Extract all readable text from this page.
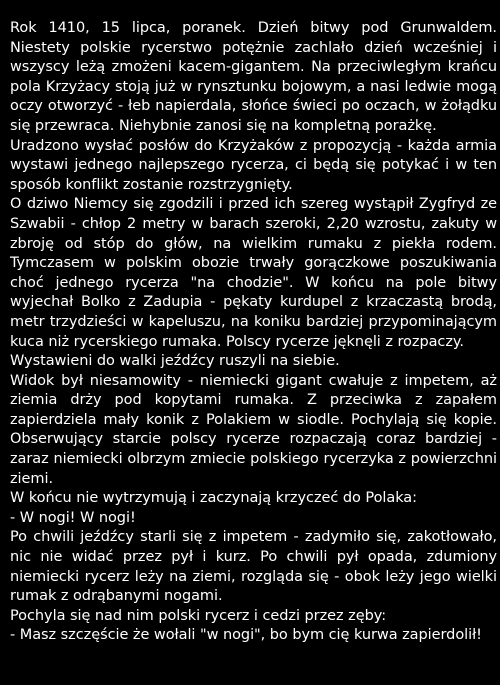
Rok 1410, 15 lipca, poranek. Dzień bitwy pod Grunwaldem. Niestety polskie rycerstwo potężnie zachlało dzień wcześniej i wszyscy leżą zmożeni kacem-gigantem. Na przeciwległym krańcu pola Krzyżacy stoją już w rynsztunku bojowym, a nasi ledwie mogą oczy otworzyć - łeb napierdala, słońce świeci po oczach, w żołądku się przewraca. Niehybnie zanosi się na kompletną porażkę.

Uradzono wysłać posłów do Krzyżaków z propozycją - każda armia wystawi jednego najlepszego rycerza, ci będą się potykać i w ten sposób konflikt zostanie rozstrzygnięty.

O dziwo Niemcy się zgodzili i przed ich szereg wystąpił Zygfryd ze Szwabii - chłop 2 metry w barach szeroki, 2,20 wzrostu, zakuty w zbroję od stóp do głów, na wielkim rumaku z piekła rodem. Tymczasem w polskim obozie trwały gorączkowe poszukiwania choć jednego rycerza "na chodzie". W końcu na pole bitwy wyjechał Bolko z Zadupia - pękaty kurdupel z krzaczastą brodą, metr trzydzieści w kapeluszu, na koniku bardziej przypominającym kuca niż rycerskiego rumaka. Polscy rycerze jęknęli z rozpaczy.

Wystawieni do walki jeźdźcy ruszyli na siebie.

Widok był niesamowity - niemiecki gigant cwałuje z impetem, aż ziemia drży pod kopytami rumaka. Z przeciwka z zapałem zapierdziela mały konik z Polakiem w siodle. Pochylają się kopie. Obserwujący starcie polscy rycerze rozpaczają coraz bardziej - zaraz niemiecki olbrzym zmiecie polskiego rycerzyka z powierzchni ziemi.

W końcu nie wytrzymują i zaczynają krzyczeć do Polaka:

- W nogi! W nogi!

Po chwili jeźdźcy starli się z impetem - zadymiło się, zakotłowało, nic nie widać przez pył i kurz. Po chwili pył opada, zdumiony niemiecki rycerz leży na ziemi, rozgląda się - obok leży jego wielki rumak z odrąbanymi nogami.

Pochyla się nad nim polski rycerz i cedzi przez zęby:

- Masz szczęście że wołali "w nogi", bo bym cię kurwa zapierdolił!
